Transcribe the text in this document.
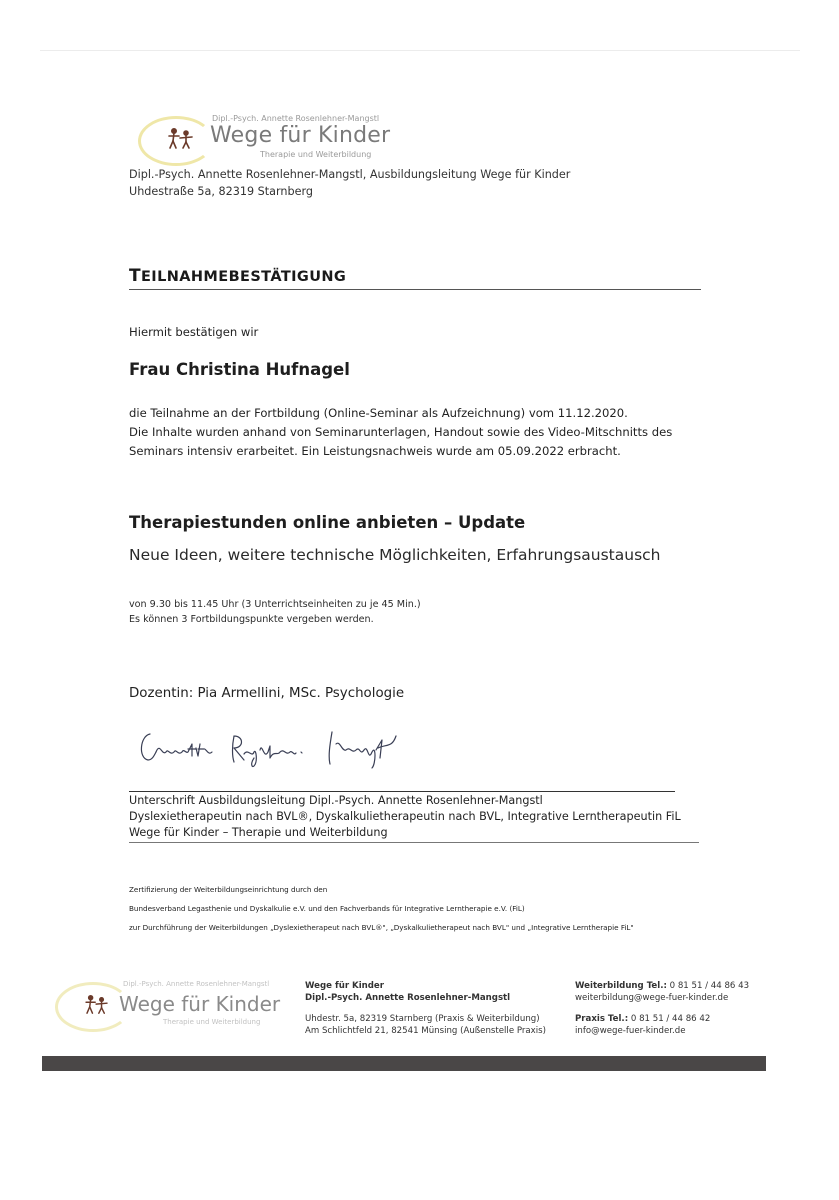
Dipl.-Psych. Annette Rosenlehner-Mangstl
Wege für Kinder
Therapie und Weiterbildung
Dipl.-Psych. Annette Rosenlehner-Mangstl, Ausbildungsleitung Wege für Kinder
Uhdestraße 5a, 82319 Starnberg
TEILNAHMEBESTÄTIGUNG
Hiermit bestätigen wir
Frau Christina Hufnagel
die Teilnahme an der Fortbildung (Online-Seminar als Aufzeichnung) vom 11.12.2020.
Die Inhalte wurden anhand von Seminarunterlagen, Handout sowie des Video-Mitschnitts des
Seminars intensiv erarbeitet. Ein Leistungsnachweis wurde am 05.09.2022 erbracht.
Therapiestunden online anbieten – Update
Neue Ideen, weitere technische Möglichkeiten, Erfahrungsaustausch
von 9.30 bis 11.45 Uhr (3 Unterrichtseinheiten zu je 45 Min.)
Es können 3 Fortbildungspunkte vergeben werden.
Dozentin: Pia Armellini, MSc. Psychologie
Unterschrift Ausbildungsleitung Dipl.-Psych. Annette Rosenlehner-Mangstl
Dyslexietherapeutin nach BVL®, Dyskalkulietherapeutin nach BVL, Integrative Lerntherapeutin FiL
Wege für Kinder – Therapie und Weiterbildung
Zertifizierung der Weiterbildungseinrichtung durch den
Bundesverband Legasthenie und Dyskalkulie e.V. und den Fachverbands für Integrative Lerntherapie e.V. (FiL)
zur Durchführung der Weiterbildungen „Dyslexietherapeut nach BVL®", „Dyskalkulietherapeut nach BVL" und „Integrative Lerntherapie FiL"
Dipl.-Psych. Annette Rosenlehner-Mangstl
Wege für Kinder
Therapie und Weiterbildung
Wege für Kinder
Dipl.-Psych. Annette Rosenlehner-Mangstl
Uhdestr. 5a, 82319 Starnberg (Praxis & Weiterbildung)
Am Schlichtfeld 21, 82541 Münsing (Außenstelle Praxis)
Weiterbildung Tel.: 0 81 51 / 44 86 43
weiterbildung@wege-fuer-kinder.de
Praxis Tel.: 0 81 51 / 44 86 42
info@wege-fuer-kinder.de
